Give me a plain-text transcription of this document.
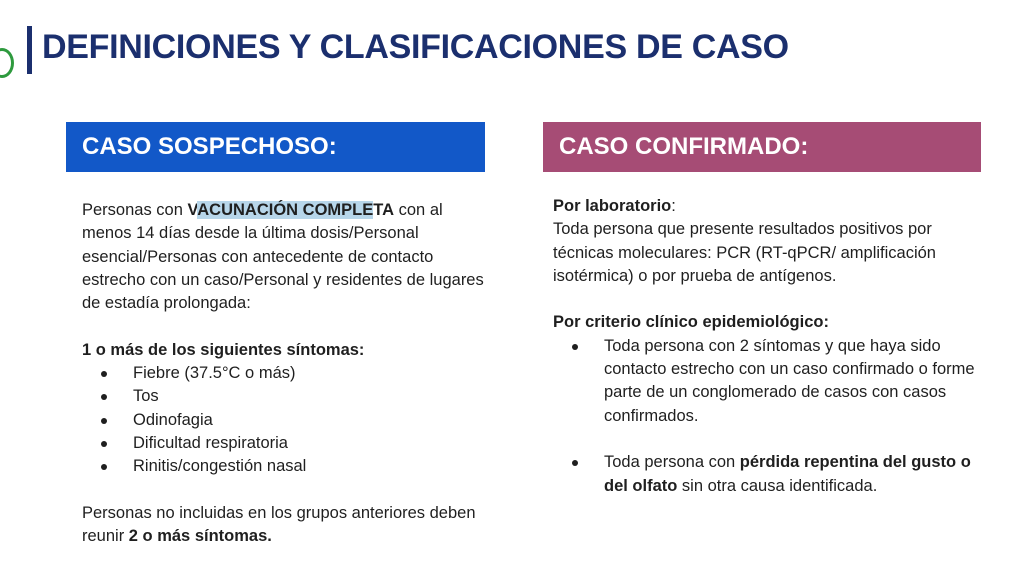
DEFINICIONES Y CLASIFICACIONES DE CASO
CASO SOSPECHOSO:	CASO CONFIRMADO:

Personas con VACUNACIÓN COMPLETA con al menos 14 días desde la última dosis/Personal esencial/Personas con antecedente de contacto estrecho con un caso/Personal y residentes de lugares de estadía prolongada:

1 o más de los siguientes síntomas:

Fiebre (37.5°C o más)
Tos
Odinofagia
Dificultad respiratoria
Rinitis/congestión nasal

Personas no incluidas en los grupos anteriores deben reunir 2 o más síntomas.

Por laboratorio:

Toda persona que presente resultados positivos por técnicas moleculares: PCR (RT-qPCR/ amplificación isotérmica) o por prueba de antígenos.

Por criterio clínico epidemiológico:

Toda persona con 2 síntomas y que haya sido contacto estrecho con un caso confirmado o forme parte de un conglomerado de casos con casos confirmados.
Toda persona con pérdida repentina del gusto o del olfato sin otra causa identificada.
